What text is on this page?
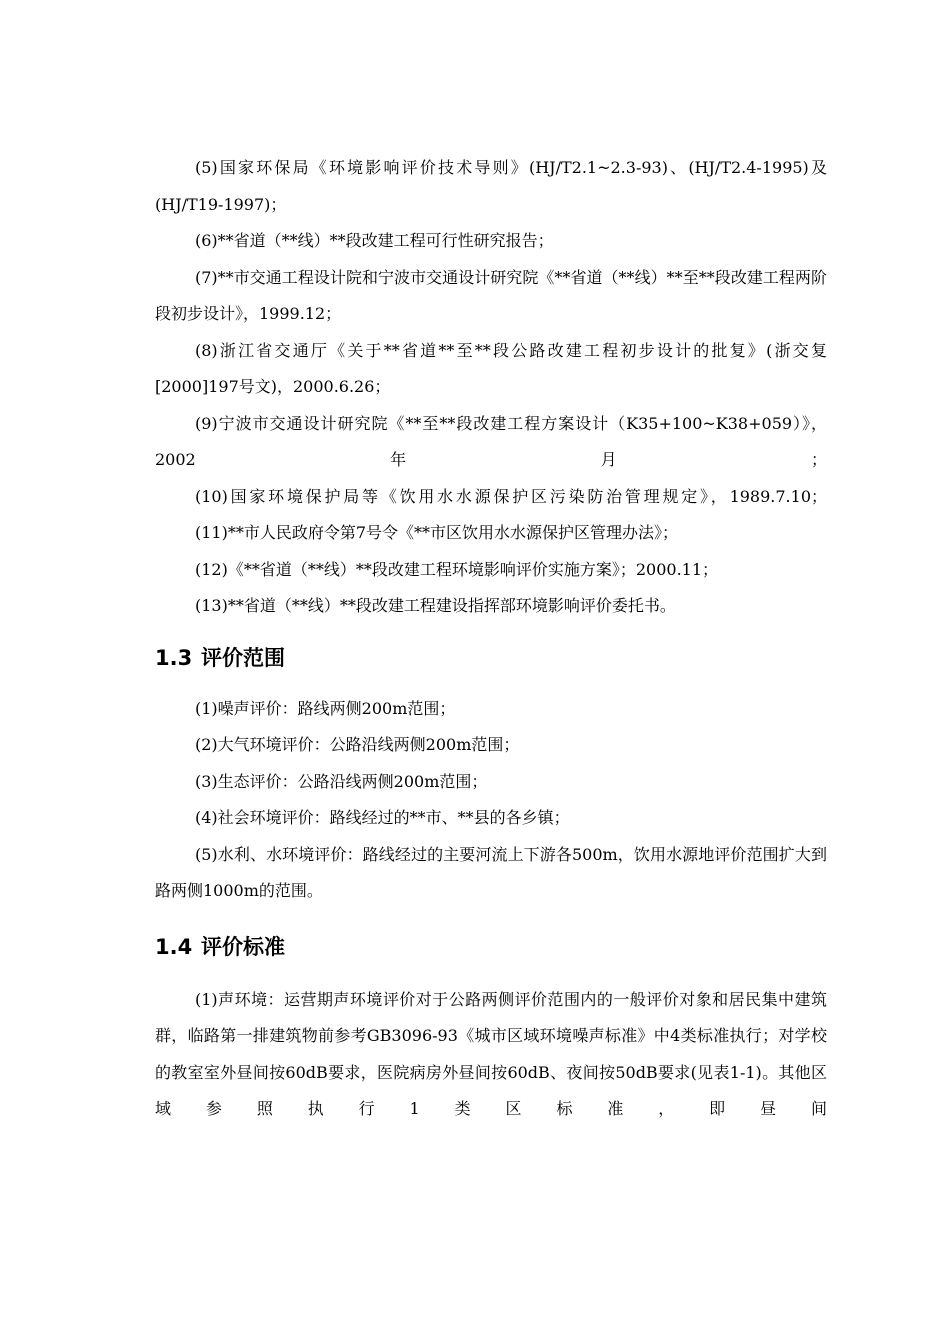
(5)国家环保局《环境影响评价技术导则》(HJ/T2.1~2.3-93)、(HJ/T2.4-1995)及(HJ/T19-1997)；

(6)**省道（**线）**段改建工程可行性研究报告；

(7)**市交通工程设计院和宁波市交通设计研究院《**省道（**线）**至**段改建工程两阶段初步设计》，1999.12；

(8)浙江省交通厅《关于**省道**至**段公路改建工程初步设计的批复》(浙交复[2000]197号文)，2000.6.26；

(9)宁波市交通设计研究院《**至**段改建工程方案设计（K35+100~K38+059）》，2002年月；

(10)国家环境保护局等《饮用水水源保护区污染防治管理规定》，1989.7.10；

(11)**市人民政府令第7号令《**市区饮用水水源保护区管理办法》；

(12)《**省道（**线）**段改建工程环境影响评价实施方案》；2000.11；

(13)**省道（**线）**段改建工程建设指挥部环境影响评价委托书。

1.3 评价范围

(1)噪声评价：路线两侧200m范围；

(2)大气环境评价：公路沿线两侧200m范围；

(3)生态评价：公路沿线两侧200m范围；

(4)社会环境评价：路线经过的**市、**县的各乡镇；

(5)水利、水环境评价：路线经过的主要河流上下游各500m，饮用水源地评价范围扩大到路两侧1000m的范围。

1.4 评价标准

(1)声环境：运营期声环境评价对于公路两侧评价范围内的一般评价对象和居民集中建筑群，临路第一排建筑物前参考GB3096-93《城市区域环境噪声标准》中4类标准执行；对学校的教室室外昼间按60dB要求，医院病房外昼间按60dB、夜间按50dB要求(见表1-1)。其他区域参照执行1类区标准，即昼间
